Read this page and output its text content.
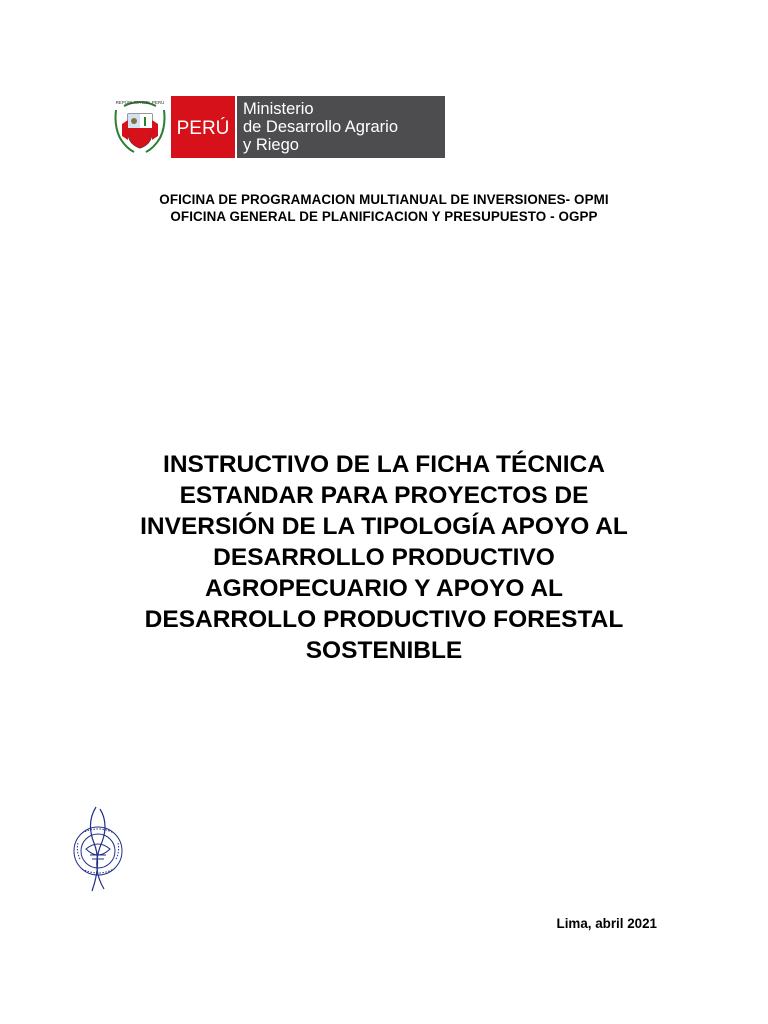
REPÚBLICA DEL PERÚ
PERÚ
Ministerio
de Desarrollo Agrario
y Riego
OFICINA DE PROGRAMACION MULTIANUAL DE INVERSIONES- OPMI
OFICINA GENERAL DE PLANIFICACION Y PRESUPUESTO - OGPP
INSTRUCTIVO DE LA FICHA TÉCNICA
ESTANDAR PARA PROYECTOS DE
INVERSIÓN DE LA TIPOLOGÍA APOYO AL
DESARROLLO PRODUCTIVO
AGROPECUARIO Y APOYO AL
DESARROLLO PRODUCTIVO FORESTAL
SOSTENIBLE
Lima, abril 2021
